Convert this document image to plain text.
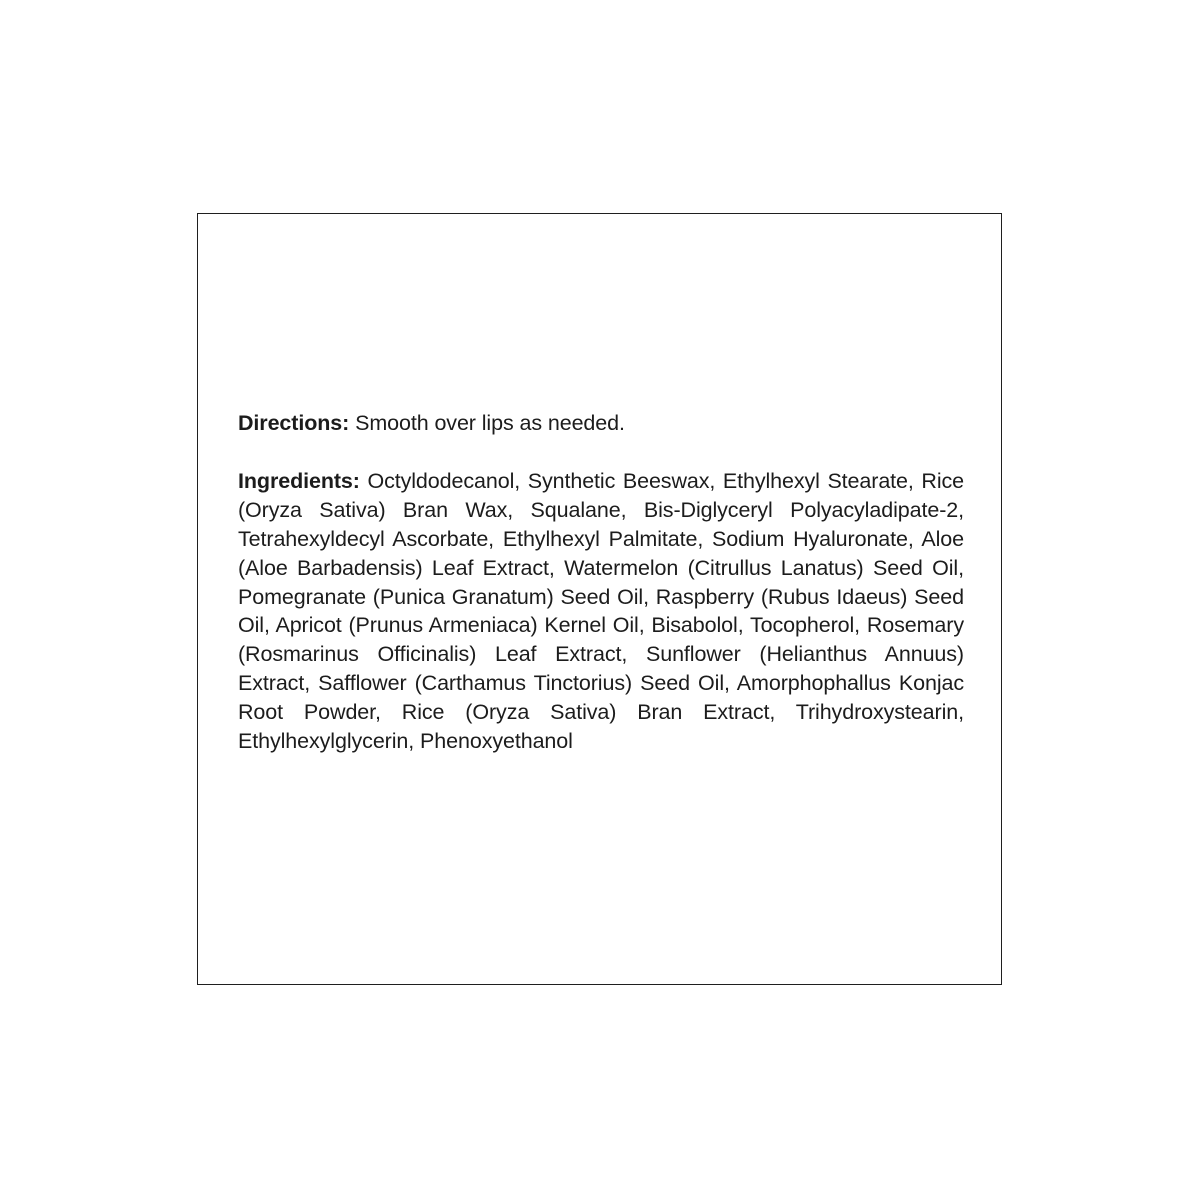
Directions: Smooth over lips as needed.

Ingredients: Octyldodecanol, Synthetic Beeswax, Ethylhexyl Stearate, Rice (Oryza Sativa) Bran Wax, Squalane, Bis-Diglyceryl Polyacyladipate-2, Tetrahexyldecyl Ascorbate, Ethylhexyl Palmitate, Sodium Hyaluronate, Aloe (Aloe Barbadensis) Leaf Extract, Watermelon (Citrullus Lanatus) Seed Oil, Pomegranate (Punica Granatum) Seed Oil, Raspberry (Rubus Idaeus) Seed Oil, Apricot (Prunus Armeniaca) Kernel Oil, Bisabolol, Tocopherol, Rosemary (Rosmarinus Officinalis) Leaf Extract, Sunflower (Helianthus Annuus) Extract, Safflower (Carthamus Tinctorius) Seed Oil, Amorphophallus Konjac Root Powder, Rice (Oryza Sativa) Bran Extract, Trihydroxystearin, Ethylhexylglycerin, Phenoxyethanol
